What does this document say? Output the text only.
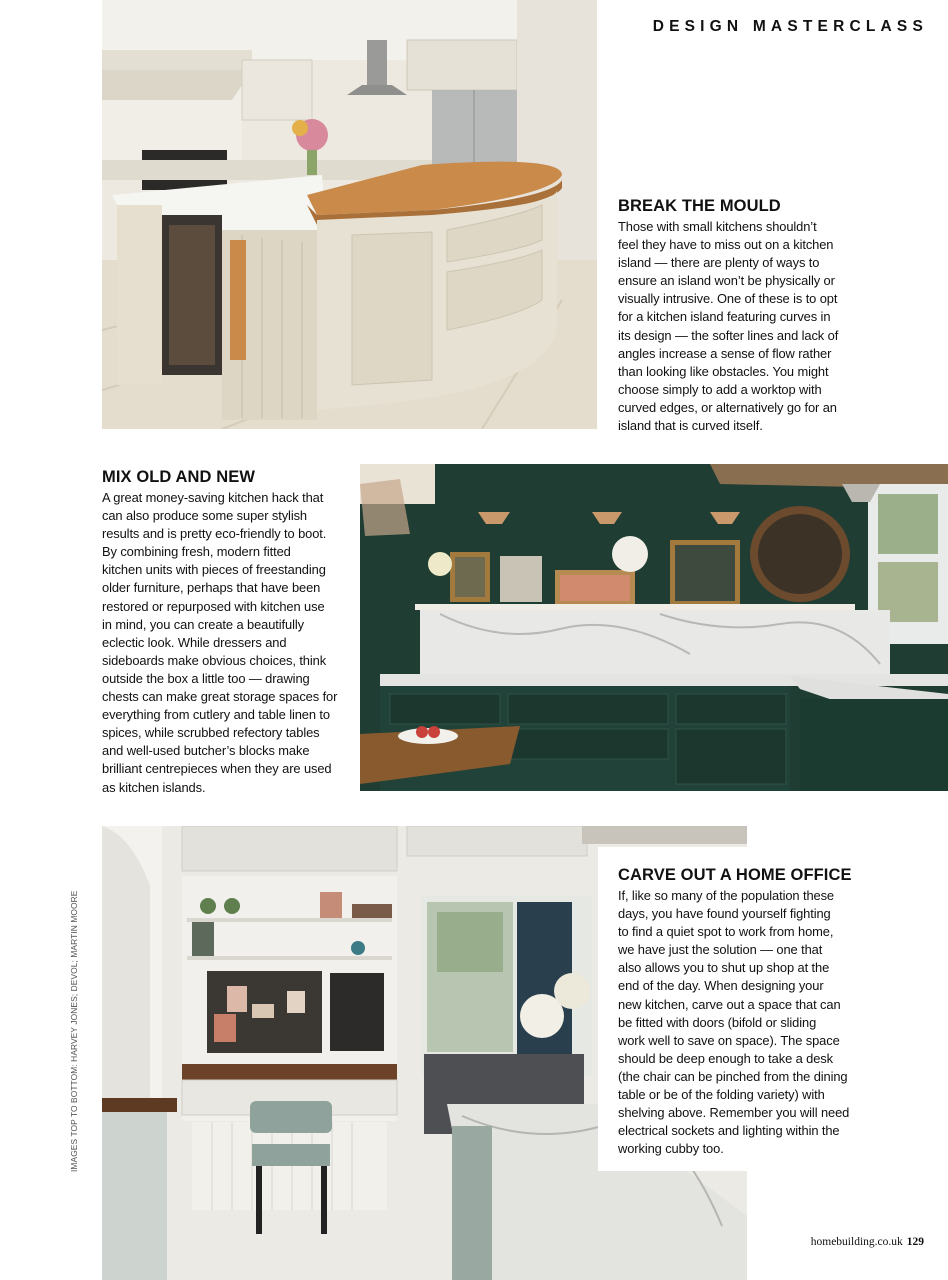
DESIGN MASTERCLASS
BREAK THE MOULD

Those with small kitchens shouldn’t
feel they have to miss out on a kitchen
island — there are plenty of ways to
ensure an island won’t be physically or
visually intrusive. One of these is to opt
for a kitchen island featuring curves in
its design — the softer lines and lack of
angles increase a sense of flow rather
than looking like obstacles. You might
choose simply to add a worktop with
curved edges, or alternatively go for an
island that is curved itself.

MIX OLD AND NEW

A great money-saving kitchen hack that
can also produce some super stylish
results and is pretty eco-friendly to boot.
By combining fresh, modern fitted
kitchen units with pieces of freestanding
older furniture, perhaps that have been
restored or repurposed with kitchen use
in mind, you can create a beautifully
eclectic look. While dressers and
sideboards make obvious choices, think
outside the box a little too — drawing
chests can make great storage spaces for
everything from cutlery and table linen to
spices, while scrubbed refectory tables
and well-used butcher’s blocks make
brilliant centrepieces when they are used
as kitchen islands.

CARVE OUT A HOME OFFICE

If, like so many of the population these
days, you have found yourself fighting
to find a quiet spot to work from home,
we have just the solution — one that
also allows you to shut up shop at the
end of the day. When designing your
new kitchen, carve out a space that can
be fitted with doors (bifold or sliding
work well to save on space). The space
should be deep enough to take a desk
(the chair can be pinched from the dining
table or be of the folding variety) with
shelving above. Remember you will need
electrical sockets and lighting within the
working cubby too.

IMAGES TOP TO BOTTOM: HARVEY JONES; DEVOL; MARTIN MOORE
homebuilding.co.uk 129
